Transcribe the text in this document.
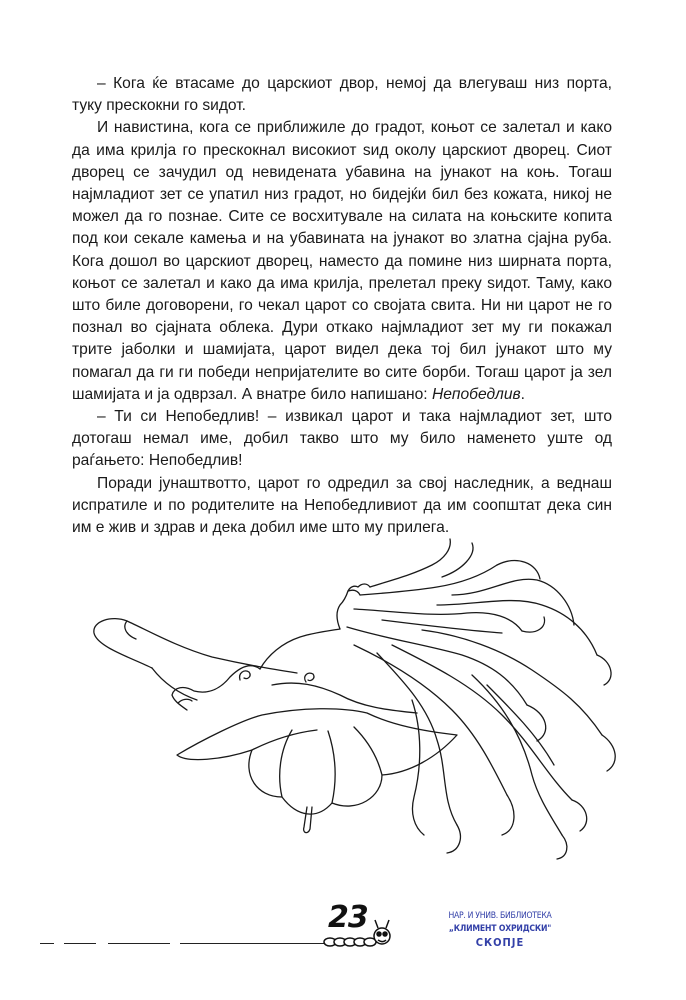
– Кога ќе втасаме до царскиот двор, немој да влегуваш низ порта, туку прескокни го ѕидот.

И навистина, кога се приближиле до градот, коњот се залетал и како да има крилја го прескокнал високиот ѕид околу царскиот дворец. Сиот дворец се зачудил од невидената убавина на јунакот на коњ. Тогаш најмладиот зет се упатил низ градот, но бидејќи бил без кожата, никој не можел да го познае. Сите се восхитувале на силата на коњските копита под кои секале камења и на убавината на јунакот во златна сјајна руба. Кога дошол во царскиот дворец, наместо да помине низ ширната порта, коњот се залетал и како да има крилја, прелетал преку ѕидот. Таму, како што биле договорени, го чекал царот со својата свита. Ни ни царот не го познал во сјајната облека. Дури откако најмладиот зет му ги покажал трите јаболки и шамијата, царот видел дека тој бил јунакот што му помагал да ги ги победи непријателите во сите борби. Тогаш царот ја зел шамијата и ја одврзал. А внатре било напишано: Непобедлив.

– Ти си Непобедлив! – извикал царот и така најмладиот зет, што дотогаш немал име, добил такво што му било наменето уште од раѓањето: Непобедлив!

Поради јунаштвотто, царот го одредил за свој наследник, а веднаш испратиле и по родителите на Непобедливиот да им соопштат дека син им е жив и здрав и дека добил име што му прилега.

23	НАР. И УНИВ. БИБЛИОТЕКА
„КЛИМЕНТ ОХРИДСКИ"
СКОПЈЕ
